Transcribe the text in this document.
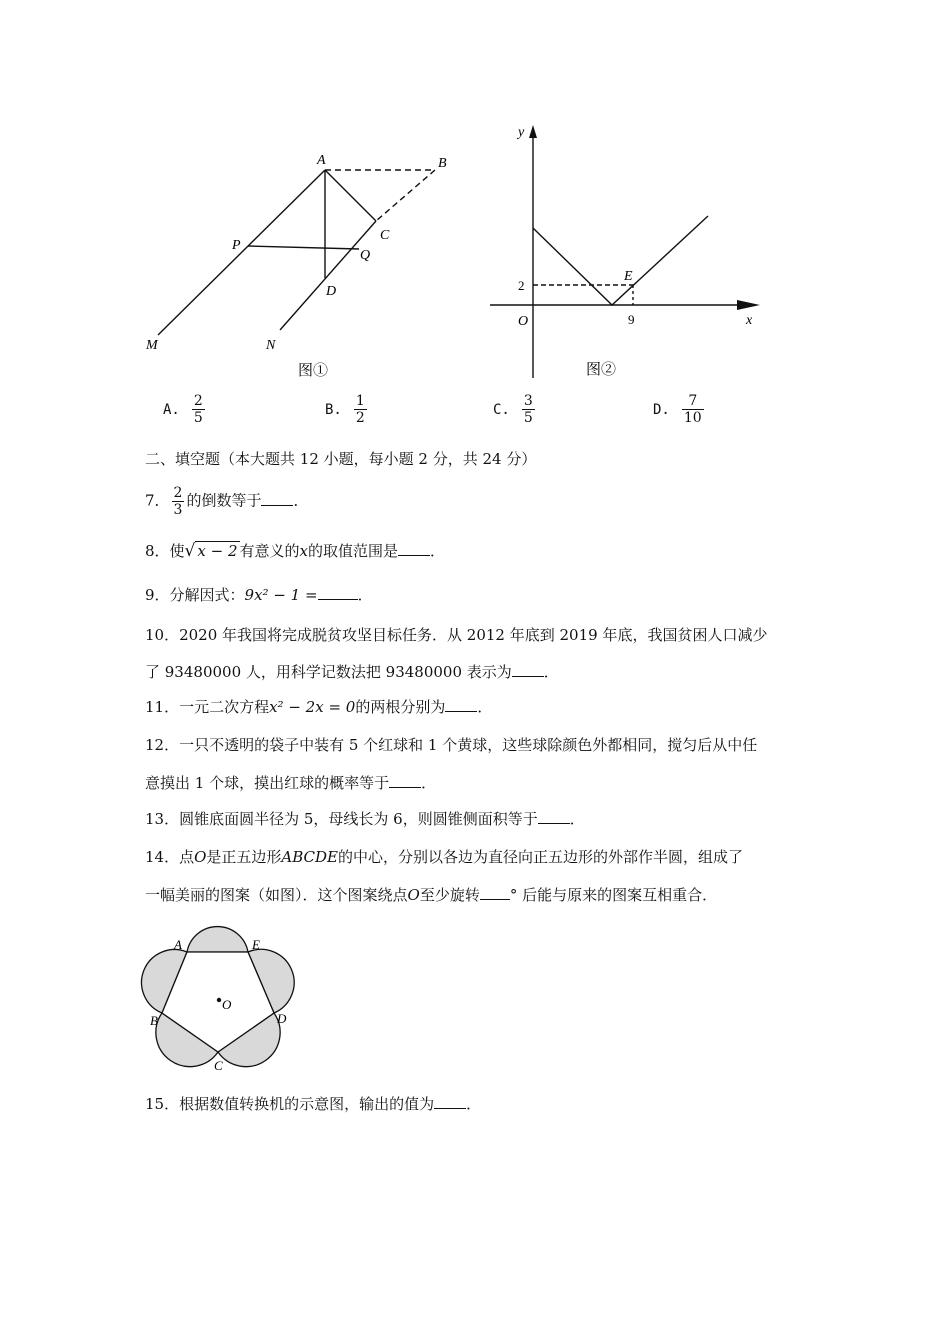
A	B
C
P
Q
D
M	N
图①
y
x
O
2
9
E
图②
A. $\frac{2}{5}$	B. $\frac{1}{2}$	C. $\frac{3}{5}$	D. $\frac{7}{10}$
二、填空题（本大题共 12 小题，每小题 2 分，共 24 分）
7． $\frac{2}{3}$ 的倒数等于 ．
8．使√ x − 2 有意义的x的取值范围是 ．
9．分解因式：9x² − 1 =	．
10．2020 年我国将完成脱贫攻坚目标任务．从 2012 年底到 2019 年底，我国贫困人口减少
了 93480000 人，用科学记数法把 93480000 表示为 ．
11．一元二次方程x² − 2x = 0的两根分别为 ．
12．一只不透明的袋子中装有 5 个红球和 1 个黄球，这些球除颜色外都相同，搅匀后从中任
意摸出 1 个球，摸出红球的概率等于 ．
13．圆锥底面圆半径为 5，母线长为 6，则圆锥侧面积等于 ．
14．点O是正五边形ABCDE的中心，分别以各边为直径向正五边形的外部作半圆，组成了
一幅美丽的图案（如图）．这个图案绕点O至少旋转 ° 后能与原来的图案互相重合．
O
A	E
B	D
C
15．根据数值转换机的示意图，输出的值为 ．
